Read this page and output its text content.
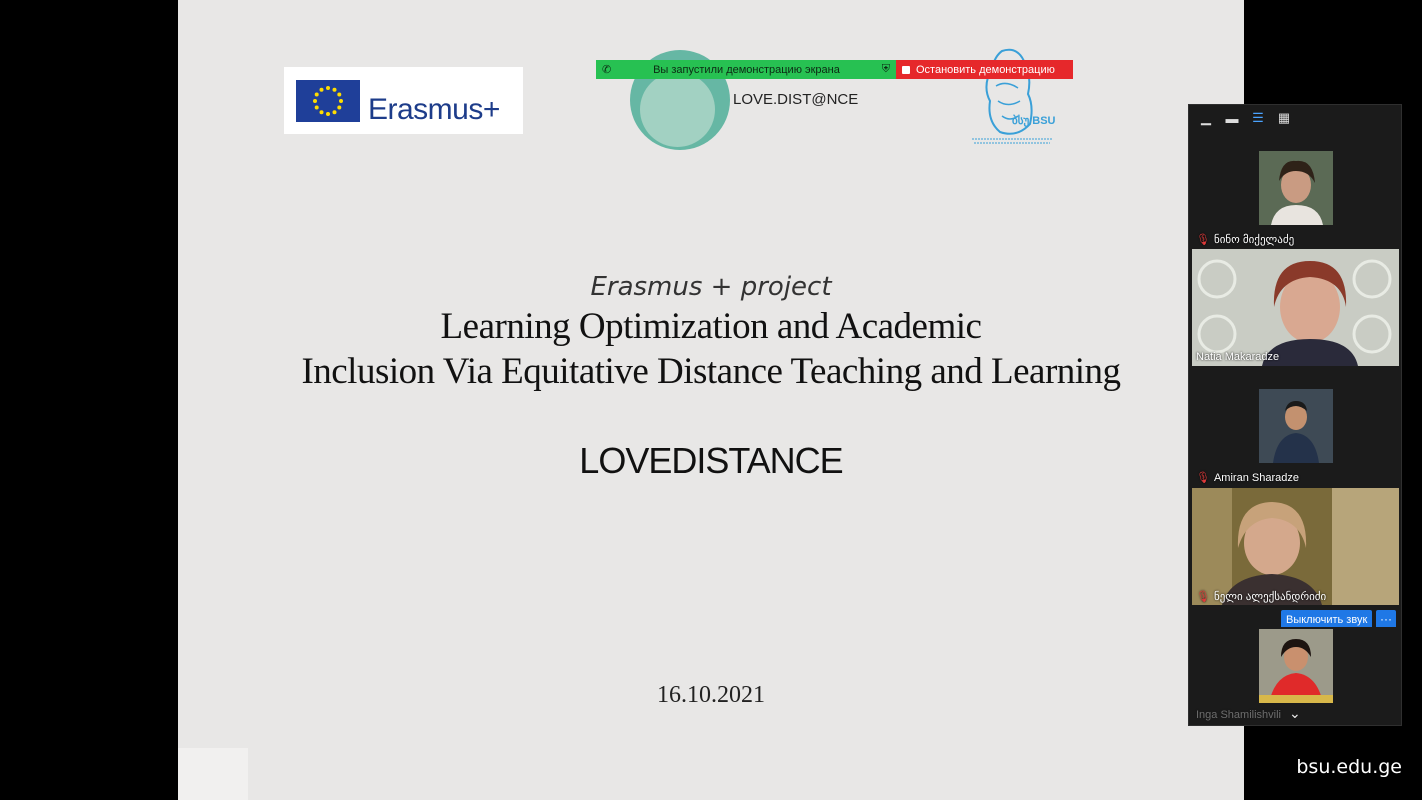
Erasmus+	LOVE.DIST@NCE
ბსუ BSU
✆	Вы запустили демонстрацию экрана	⛨ Остановить демонстрацию
Erasmus + project
Learning Optimization and Academic
Inclusion Via Equitative Distance Teaching and Learning
LOVEDISTANCE
16.10.2021
▁ ▬ ☰ ▦
🎙 ნინო მიქელაძე
Natia Makaradze
🎙 Amiran Sharadze
🎙 ნელი ალექსანდრიძი
Выключить звук	···
Inga Shamilishvili ⌄
bsu.edu.ge
